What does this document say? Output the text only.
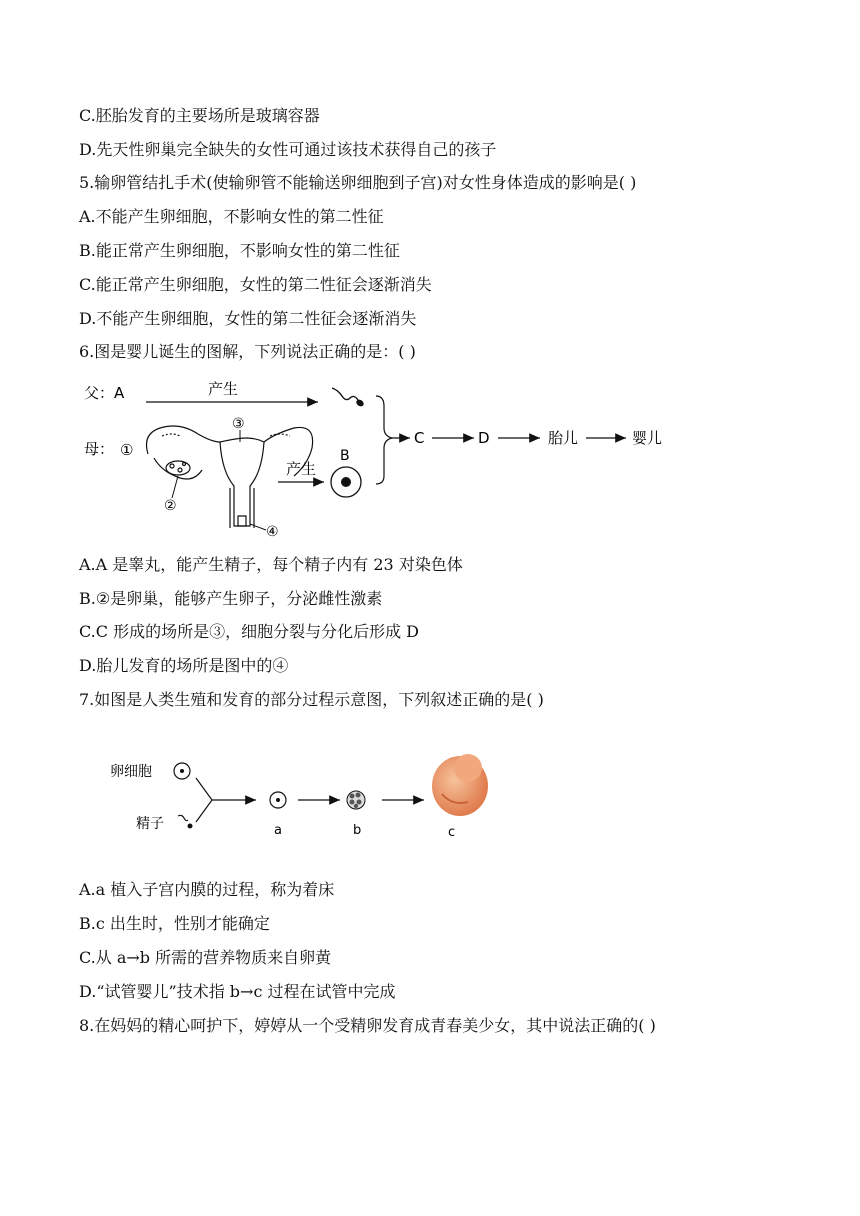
C.胚胎发育的主要场所是玻璃容器
D.先天性卵巢完全缺失的女性可通过该技术获得自己的孩子
5.输卵管结扎手术(使输卵管不能输送卵细胞到子宫)对女性身体造成的影响是( )
A.不能产生卵细胞，不影响女性的第二性征
B.能正常产生卵细胞，不影响女性的第二性征
C.能正常产生卵细胞，女性的第二性征会逐渐消失
D.不能产生卵细胞，女性的第二性征会逐渐消失
6.图是婴儿诞生的图解，下列说法正确的是：( )
父：A	产生
母： ①
③
②
④
产生
B
C	D	胎儿	婴儿
A.A 是睾丸，能产生精子，每个精子内有 23 对染色体
B.②是卵巢，能够产生卵子，分泌雌性激素
C.C 形成的场所是③，细胞分裂与分化后形成 D
D.胎儿发育的场所是图中的④
7.如图是人类生殖和发育的部分过程示意图，下列叙述正确的是( )
卵细胞
精子	a	b	c
A.a 植入子宫内膜的过程，称为着床
B.c 出生时，性别才能确定
C.从 a→b 所需的营养物质来自卵黄
D.“试管婴儿”技术指 b→c 过程在试管中完成
8.在妈妈的精心呵护下，婷婷从一个受精卵发育成青春美少女，其中说法正确的( )
